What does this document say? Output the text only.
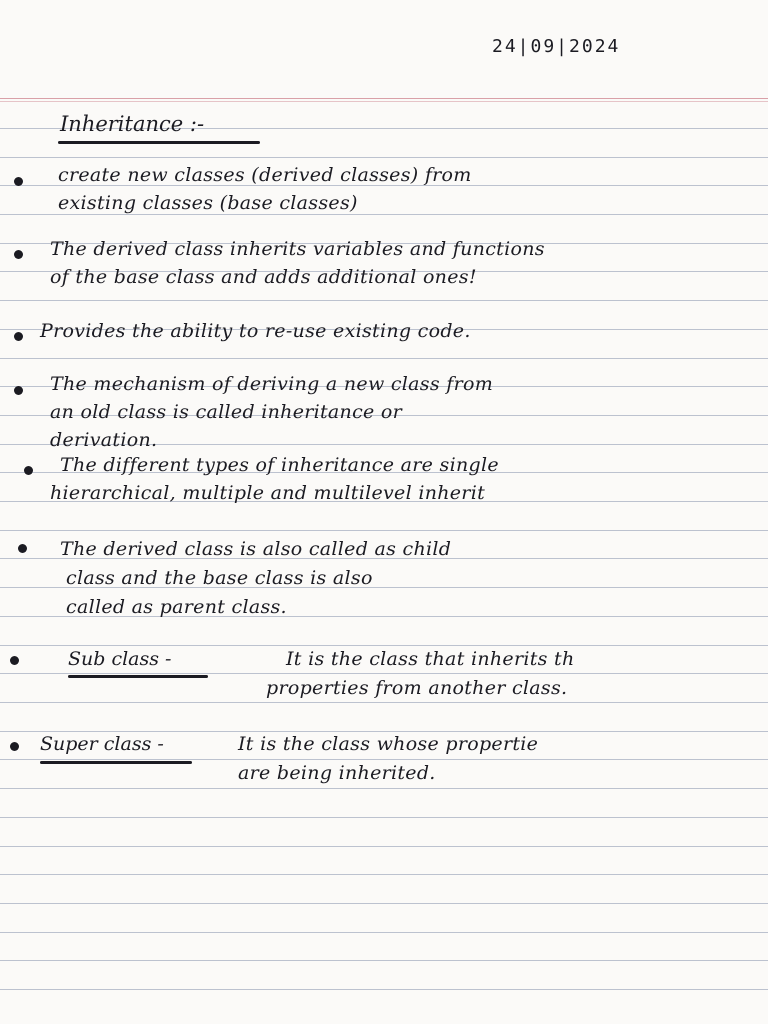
24|09|2024
Inheritance :-
create new classes (derived classes) from
existing classes (base classes)
The derived class inherits variables and functions
of the base class and adds additional ones!
Provides the ability to re-use existing code.
The mechanism of deriving a new class from
an old class is called inheritance or
derivation.
The different types of inheritance are single
hierarchical, multiple and multilevel inherit
The derived class is also called as child
class and the base class is also
called as parent class.
Sub class -	It is the class that inherits th
properties from another class.
Super class -	It is the class whose propertie
are being inherited.
